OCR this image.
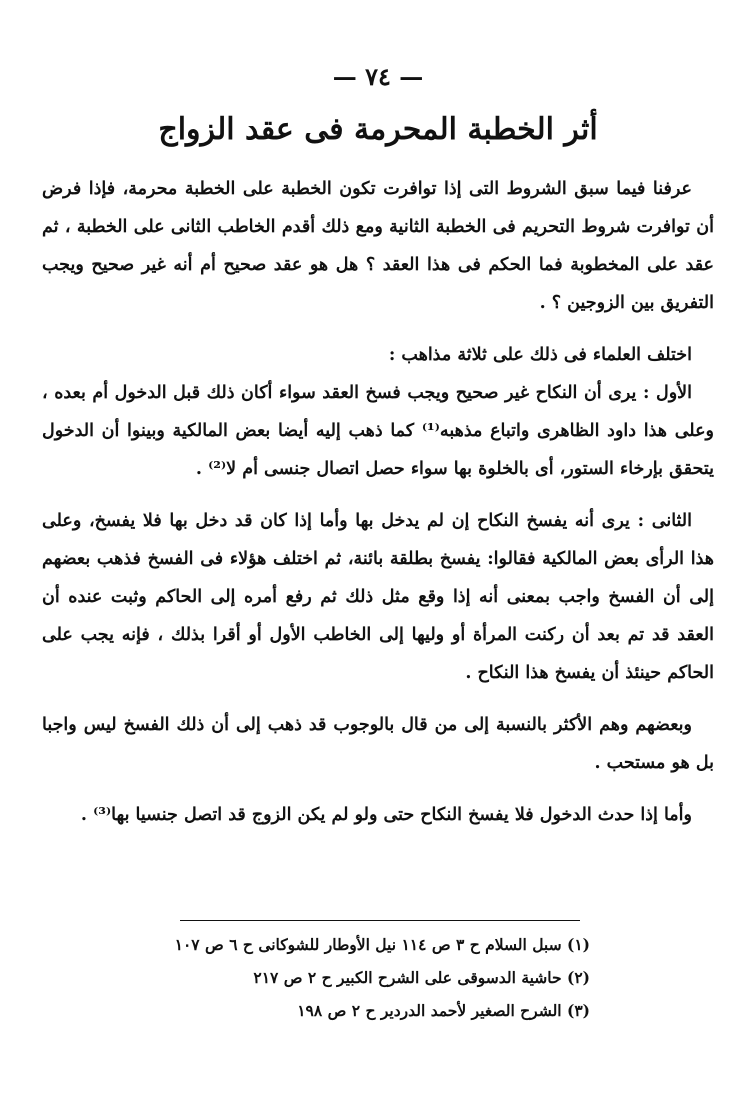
— ٧٤ —
أثر الخطبة المحرمة فى عقد الزواج

عرفنا فيما سبق الشروط التى إذا توافرت تكون الخطبة على الخطبة محرمة، فإذا فرض أن توافرت شروط التحريم فى الخطبة الثانية ومع ذلك أقدم الخاطب الثانى على الخطبة ، ثم عقد على المخطوبة فما الحكم فى هذا العقد ؟ هل هو عقد صحيح أم أنه غير صحيح ويجب التفريق بين الزوجين ؟ .

اختلف العلماء فى ذلك على ثلاثة مذاهب :

الأول : يرى أن النكاح غير صحيح ويجب فسخ العقد سواء أكان ذلك قبل الدخول أم بعده ، وعلى هذا داود الظاهرى واتباع مذهبه⁽¹⁾ كما ذهب إليه أيضا بعض المالكية وبينوا أن الدخول يتحقق بإرخاء الستور، أى بالخلوة بها سواء حصل اتصال جنسى أم لا⁽²⁾ .

الثانى : يرى أنه يفسخ النكاح إن لم يدخل بها وأما إذا كان قد دخل بها فلا يفسخ، وعلى هذا الرأى بعض المالكية فقالوا: يفسخ بطلقة بائنة، ثم اختلف هؤلاء فى الفسخ فذهب بعضهم إلى أن الفسخ واجب بمعنى أنه إذا وقع مثل ذلك ثم رفع أمره إلى الحاكم وثبت عنده أن العقد قد تم بعد أن ركنت المرأة أو وليها إلى الخاطب الأول أو أقرا بذلك ، فإنه يجب على الحاكم حينئذ أن يفسخ هذا النكاح .

وبعضهم وهم الأكثر بالنسبة إلى من قال بالوجوب قد ذهب إلى أن ذلك الفسخ ليس واجبا بل هو مستحب .

وأما إذا حدث الدخول فلا يفسخ النكاح حتى ولو لم يكن الزوج قد اتصل جنسيا بها⁽³⁾ .

(١) سبل السلام ح ٣ ص ١١٤ نيل الأوطار للشوكانى ح ٦ ص ١٠٧
(٢) حاشية الدسوقى على الشرح الكبير ح ٢ ص ٢١٧
(٣) الشرح الصغير لأحمد الدردير ح ٢ ص ١٩٨
